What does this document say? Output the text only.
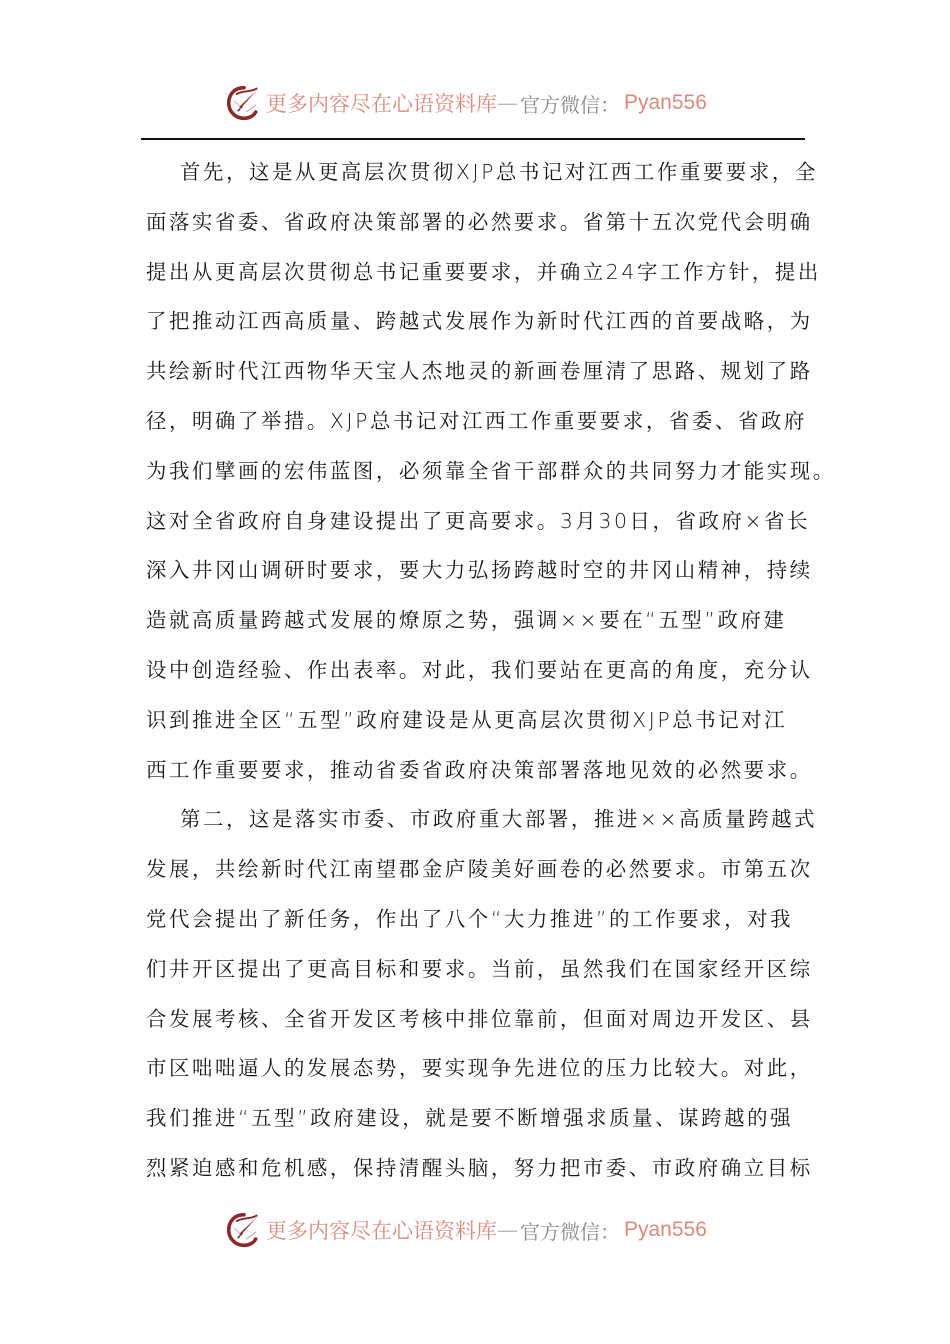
更多内容尽在心语资料库 — 官方微信： Pyan556
首先，这是从更高层次贯彻XJP总书记对江西工作重要要求，全
面落实省委、省政府决策部署的必然要求。省第十五次党代会明确
提出从更高层次贯彻总书记重要要求，并确立24字工作方针，提出
了把推动江西高质量、跨越式发展作为新时代江西的首要战略，为
共绘新时代江西物华天宝人杰地灵的新画卷厘清了思路、规划了路
径，明确了举措。XJP总书记对江西工作重要要求，省委、省政府
为我们擘画的宏伟蓝图，必须靠全省干部群众的共同努力才能实现。
这对全省政府自身建设提出了更高要求。3月30日，省政府×省长
深入井冈山调研时要求，要大力弘扬跨越时空的井冈山精神，持续
造就高质量跨越式发展的燎原之势，强调××要在“五型”政府建
设中创造经验、作出表率。对此，我们要站在更高的角度，充分认
识到推进全区“五型”政府建设是从更高层次贯彻XJP总书记对江
西工作重要要求，推动省委省政府决策部署落地见效的必然要求。
第二，这是落实市委、市政府重大部署，推进××高质量跨越式
发展，共绘新时代江南望郡金庐陵美好画卷的必然要求。市第五次
党代会提出了新任务，作出了八个“大力推进”的工作要求，对我
们井开区提出了更高目标和要求。当前，虽然我们在国家经开区综
合发展考核、全省开发区考核中排位靠前，但面对周边开发区、县
市区咄咄逼人的发展态势，要实现争先进位的压力比较大。对此，
我们推进“五型”政府建设，就是要不断增强求质量、谋跨越的强
烈紧迫感和危机感，保持清醒头脑，努力把市委、市政府确立目标
更多内容尽在心语资料库 — 官方微信： Pyan556
